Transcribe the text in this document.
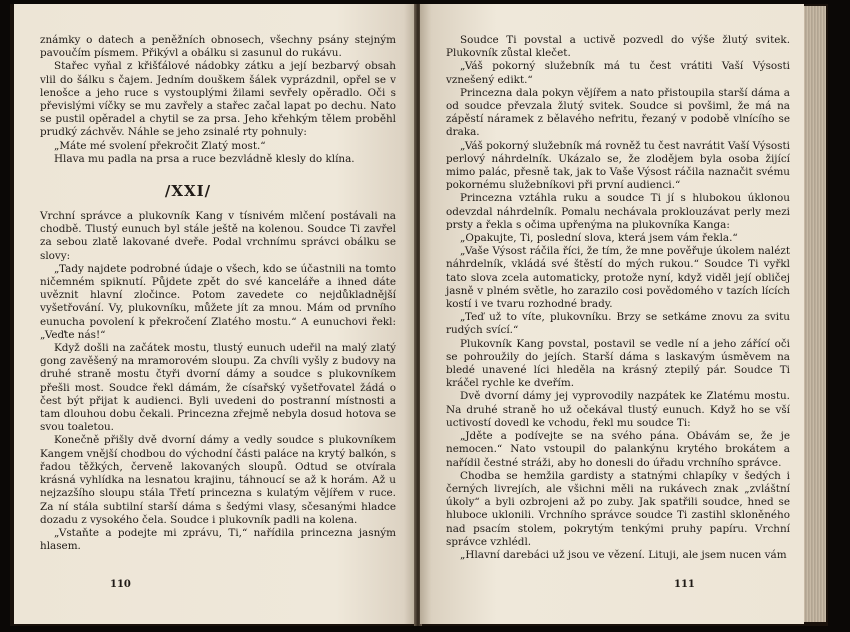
známky o datech a peněžních obnosech, všechny psány stejným pavoučím písmem. Přikývl a obálku si zasunul do rukávu.

Stařec vyňal z křišťálové nádobky zátku a její bezbarvý obsah vlil do šálku s čajem. Jedním douškem šálek vyprázdnil, opřel se v lenošce a jeho ruce s vystouplými žilami sevřely opěradlo. Oči s převislými víčky se mu zavřely a stařec začal lapat po dechu. Nato se pustil opěradel a chytil se za prsa. Jeho křehkým tělem proběhl prudký záchvěv. Náhle se jeho zsinalé rty pohnuly:

„Máte mé svolení překročit Zlatý most.“

Hlava mu padla na prsa a ruce bezvládně klesly do klína.

/XXI/

Vrchní správce a plukovník Kang v tísnivém mlčení postávali na chodbě. Tlustý eunuch byl stále ještě na kolenou. Soudce Ti zavřel za sebou zlatě lakované dveře. Podal vrchnímu správci obálku se slovy:

„Tady najdete podrobné údaje o všech, kdo se účastnili na tomto ničemném spiknutí. Půjdete zpět do své kanceláře a ihned dáte uvěznit hlavní zločince. Potom zavedete co nejdůkladnější vyšetřování. Vy, plukovníku, můžete jít za mnou. Mám od prvního eunucha povolení k překročení Zlatého mostu.“ A eunuchovi řekl: „Veďte nás!“

Když došli na začátek mostu, tlustý eunuch udeřil na malý zlatý gong zavěšený na mramorovém sloupu. Za chvíli vyšly z budovy na druhé straně mostu čtyři dvorní dámy a soudce s plukovníkem přešli most. Soudce řekl dámám, že císařský vyšetřovatel žádá o čest být přijat k audienci. Byli uvedeni do postranní místnosti a tam dlouhou dobu čekali. Princezna zřejmě nebyla dosud hotova se svou toaletou.

Konečně přišly dvě dvorní dámy a vedly soudce s plukovníkem Kangem vnější chodbou do východní části paláce na krytý balkón, s řadou těžkých, červeně lakovaných sloupů. Odtud se otvírala krásná vyhlídka na lesnatou krajinu, táhnoucí se až k horám. Až u nejzazšího sloupu stála Třetí princezna s kulatým vějířem v ruce. Za ní stála subtilní starší dáma s šedými vlasy, sčesanými hladce dozadu z vysokého čela. Soudce i plukovník padli na kolena.

„Vstaňte a podejte mi zprávu, Ti,“ nařídila princezna jasným hlasem.

110

Soudce Ti povstal a uctivě pozvedl do výše žlutý svitek. Plukovník zůstal klečet.

„Váš pokorný služebník má tu čest vrátiti Vaší Výsosti vznešený edikt.“

Princezna dala pokyn vějířem a nato přistoupila starší dáma a od soudce převzala žlutý svitek. Soudce si povšiml, že má na zápěstí náramek z bělavého nefritu, řezaný v podobě vlnícího se draka.

„Váš pokorný služebník má rovněž tu čest navrátit Vaší Výsosti perlový náhrdelník. Ukázalo se, že zlodějem byla osoba žijící mimo palác, přesně tak, jak to Vaše Výsost ráčila naznačit svému pokornému služebníkovi při první audienci.“

Princezna vztáhla ruku a soudce Ti jí s hlubokou úklonou odevzdal náhrdelník. Pomalu nechávala proklouzávat perly mezi prsty a řekla s očima upřenýma na plukovníka Kanga:

„Opakujte, Ti, poslední slova, která jsem vám řekla.“

„Vaše Výsost ráčila říci, že tím, že mne pověřuje úkolem nalézt náhrdelník, vkládá své štěstí do mých rukou.“ Soudce Ti vyřkl tato slova zcela automaticky, protože nyní, když viděl její obličej jasně v plném světle, ho zarazilo cosi povědomého v tazích lících kostí i ve tvaru rozhodné brady.

„Teď už to víte, plukovníku. Brzy se setkáme znovu za svitu rudých svící.“

Plukovník Kang povstal, postavil se vedle ní a jeho zářící oči se pohroužily do jejích. Starší dáma s laskavým úsměvem na bledé unavené líci hleděla na krásný ztepilý pár. Soudce Ti kráčel rychle ke dveřím.

Dvě dvorní dámy jej vyprovodily nazpátek ke Zlatému mostu. Na druhé straně ho už očekával tlustý eunuch. Když ho se vší uctivostí dovedl ke vchodu, řekl mu soudce Ti:

„Jděte a podívejte se na svého pána. Obávám se, že je nemocen.“ Nato vstoupil do palankýnu krytého brokátem a nařídil čestné stráži, aby ho donesli do úřadu vrchního správce.

Chodba se hemžila gardisty a statnými chlapíky v šedých i černých livrejích, ale všichni měli na rukávech znak „zvláštní úkoly“ a byli ozbrojeni až po zuby. Jak spatřili soudce, hned se hluboce uklonili. Vrchního správce soudce Ti zastihl skloněného nad psacím stolem, pokrytým tenkými pruhy papíru. Vrchní správce vzhlédl.

„Hlavní darebáci už jsou ve vězení. Lituji, ale jsem nucen vám

111
